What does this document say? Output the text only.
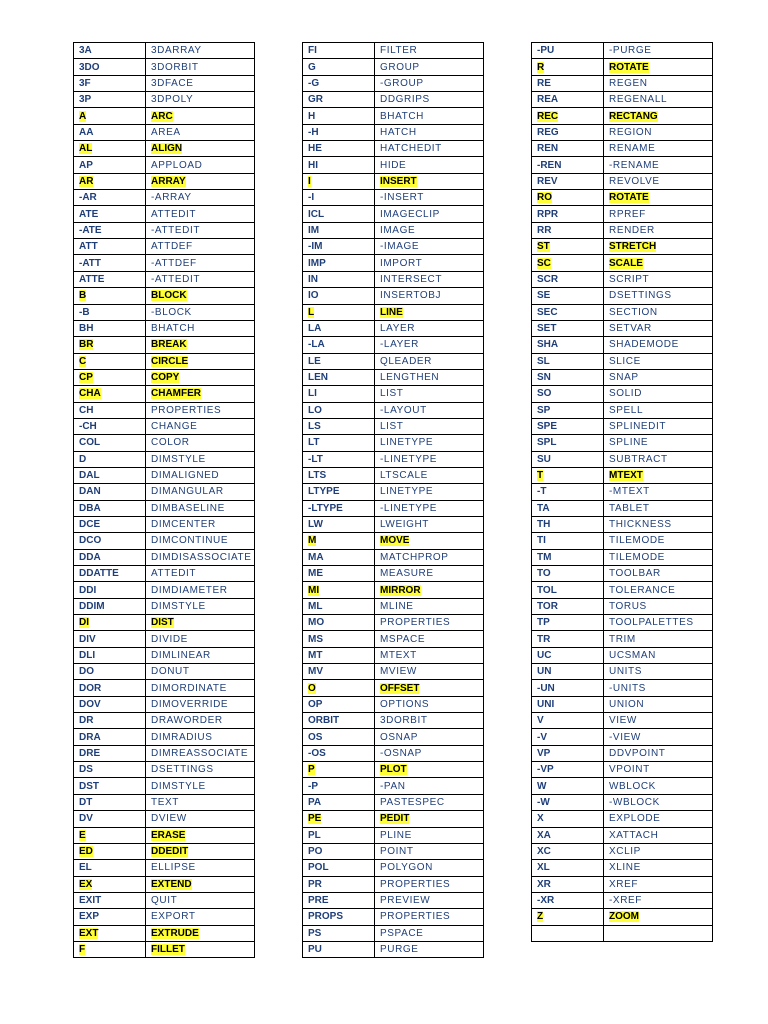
3A	3DARRAY
3DO	3DORBIT
3F	3DFACE
3P	3DPOLY
A	ARC
AA	AREA
AL	ALIGN
AP	APPLOAD
AR	ARRAY
-AR	-ARRAY
ATE	ATTEDIT
-ATE	-ATTEDIT
ATT	ATTDEF
-ATT	-ATTDEF
ATTE	-ATTEDIT
B	BLOCK
-B	-BLOCK
BH	BHATCH
BR	BREAK
C	CIRCLE
CP	COPY
CHA	CHAMFER
CH	PROPERTIES
-CH	CHANGE
COL	COLOR
D	DIMSTYLE
DAL	DIMALIGNED
DAN	DIMANGULAR
DBA	DIMBASELINE
DCE	DIMCENTER
DCO	DIMCONTINUE
DDA	DIMDISASSOCIATE
DDATTE	ATTEDIT
DDI	DIMDIAMETER
DDIM	DIMSTYLE
DI	DIST
DIV	DIVIDE
DLI	DIMLINEAR
DO	DONUT
DOR	DIMORDINATE
DOV	DIMOVERRIDE
DR	DRAWORDER
DRA	DIMRADIUS
DRE	DIMREASSOCIATE
DS	DSETTINGS
DST	DIMSTYLE
DT	TEXT
DV	DVIEW
E	ERASE
ED	DDEDIT
EL	ELLIPSE
EX	EXTEND
EXIT	QUIT
EXP	EXPORT
EXT	EXTRUDE
F	FILLET
FI	FILTER
G	GROUP
-G	-GROUP
GR	DDGRIPS
H	BHATCH
-H	HATCH
HE	HATCHEDIT
HI	HIDE
I	INSERT
-I	-INSERT
ICL	IMAGECLIP
IM	IMAGE
-IM	-IMAGE
IMP	IMPORT
IN	INTERSECT
IO	INSERTOBJ
L	LINE
LA	LAYER
-LA	-LAYER
LE	QLEADER
LEN	LENGTHEN
LI	LIST
LO	-LAYOUT
LS	LIST
LT	LINETYPE
-LT	-LINETYPE
LTS	LTSCALE
LTYPE	LINETYPE
-LTYPE	-LINETYPE
LW	LWEIGHT
M	MOVE
MA	MATCHPROP
ME	MEASURE
MI	MIRROR
ML	MLINE
MO	PROPERTIES
MS	MSPACE
MT	MTEXT
MV	MVIEW
O	OFFSET
OP	OPTIONS
ORBIT	3DORBIT
OS	OSNAP
-OS	-OSNAP
P	PLOT
-P	-PAN
PA	PASTESPEC
PE	PEDIT
PL	PLINE
PO	POINT
POL	POLYGON
PR	PROPERTIES
PRE	PREVIEW
PROPS	PROPERTIES
PS	PSPACE
PU	PURGE
-PU	-PURGE
R	ROTATE
RE	REGEN
REA	REGENALL
REC	RECTANG
REG	REGION
REN	RENAME
-REN	-RENAME
REV	REVOLVE
RO	ROTATE
RPR	RPREF
RR	RENDER
ST	STRETCH
SC	SCALE
SCR	SCRIPT
SE	DSETTINGS
SEC	SECTION
SET	SETVAR
SHA	SHADEMODE
SL	SLICE
SN	SNAP
SO	SOLID
SP	SPELL
SPE	SPLINEDIT
SPL	SPLINE
SU	SUBTRACT
T	MTEXT
-T	-MTEXT
TA	TABLET
TH	THICKNESS
TI	TILEMODE
TM	TILEMODE
TO	TOOLBAR
TOL	TOLERANCE
TOR	TORUS
TP	TOOLPALETTES
TR	TRIM
UC	UCSMAN
UN	UNITS
-UN	-UNITS
UNI	UNION
V	VIEW
-V	-VIEW
VP	DDVPOINT
-VP	VPOINT
W	WBLOCK
-W	-WBLOCK
X	EXPLODE
XA	XATTACH
XC	XCLIP
XL	XLINE
XR	XREF
-XR	-XREF
Z	ZOOM
